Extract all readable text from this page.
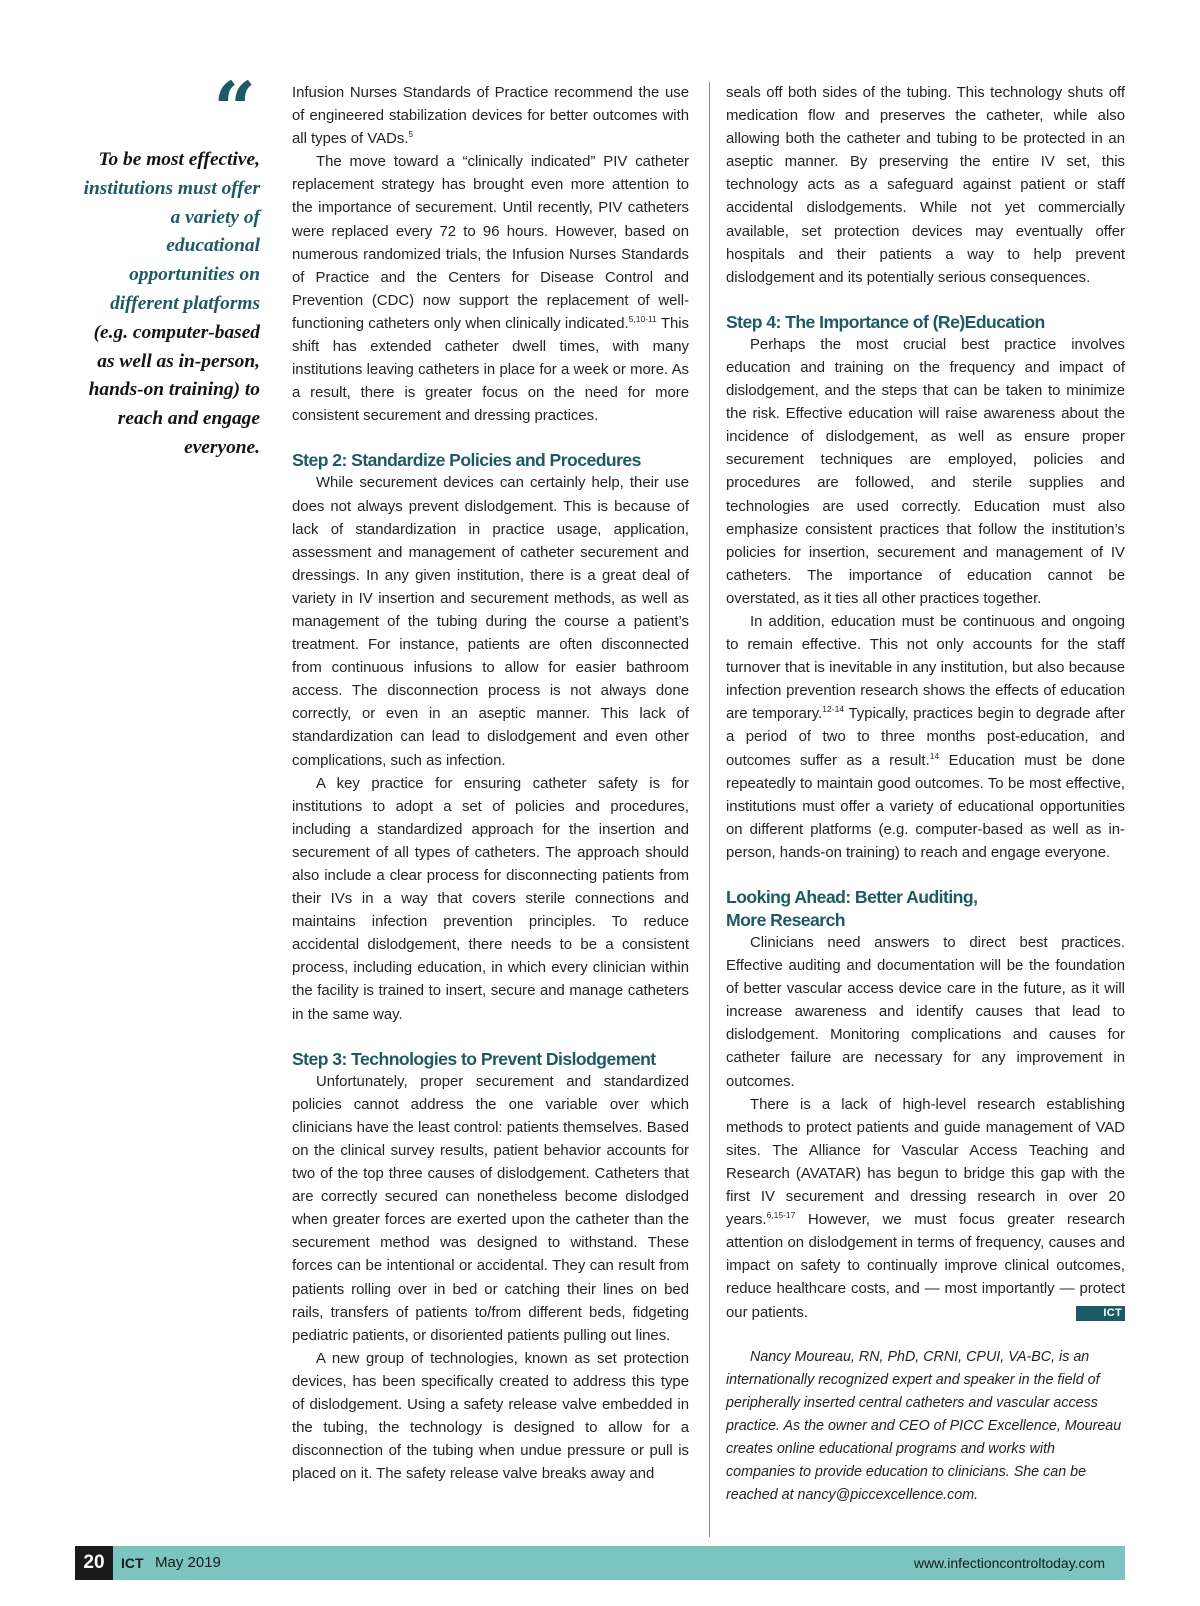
“
To be most effective, institutions must offer a variety of educational opportunities on different platforms (e.g. computer-based as well as in-person, hands-on training) to reach and engage everyone.

Infusion Nurses Standards of Practice recommend the use of engineered stabilization devices for better outcomes with all types of VADs.$^5$

The move toward a “clinically indicated” PIV catheter replacement strategy has brought even more attention to the importance of securement. Until recently, PIV catheters were replaced every 72 to 96 hours. However, based on numerous randomized trials, the Infusion Nurses Standards of Practice and the Centers for Disease Control and Prevention (CDC) now support the replacement of well-functioning catheters only when clinically indicated.$^{5,10-11}$ This shift has extended catheter dwell times, with many institutions leaving catheters in place for a week or more. As a result, there is greater focus on the need for more consistent securement and dressing practices.

Step 2: Standardize Policies and Procedures

While securement devices can certainly help, their use does not always prevent dislodgement. This is because of lack of standardization in practice usage, application, assessment and management of catheter securement and dressings. In any given institution, there is a great deal of variety in IV insertion and securement methods, as well as management of the tubing during the course a patient’s treatment. For instance, patients are often disconnected from continuous infusions to allow for easier bathroom access. The disconnection process is not always done correctly, or even in an aseptic manner. This lack of standardization can lead to dislodgement and even other complications, such as infection.

A key practice for ensuring catheter safety is for institutions to adopt a set of policies and procedures, including a standardized approach for the insertion and securement of all types of catheters. The approach should also include a clear process for disconnecting patients from their IVs in a way that covers sterile connections and maintains infection prevention principles. To reduce accidental dislodgement, there needs to be a consistent process, including education, in which every clinician within the facility is trained to insert, secure and manage catheters in the same way.

Step 3: Technologies to Prevent Dislodgement

Unfortunately, proper securement and standardized policies cannot address the one variable over which clinicians have the least control: patients themselves. Based on the clinical survey results, patient behavior accounts for two of the top three causes of dislodgement. Catheters that are correctly secured can nonetheless become dislodged when greater forces are exerted upon the catheter than the securement method was designed to withstand. These forces can be intentional or accidental. They can result from patients rolling over in bed or catching their lines on bed rails, transfers of patients to/from different beds, fidgeting pediatric patients, or disoriented patients pulling out lines.

A new group of technologies, known as set protection devices, has been specifically created to address this type of dislodgement. Using a safety release valve embedded in the tubing, the technology is designed to allow for a disconnection of the tubing when undue pressure or pull is placed on it. The safety release valve breaks away and

seals off both sides of the tubing. This technology shuts off medication flow and preserves the catheter, while also allowing both the catheter and tubing to be protected in an aseptic manner. By preserving the entire IV set, this technology acts as a safeguard against patient or staff accidental dislodgements. While not yet commercially available, set protection devices may eventually offer hospitals and their patients a way to help prevent dislodgement and its potentially serious consequences.

Step 4: The Importance of (Re)Education

Perhaps the most crucial best practice involves education and training on the frequency and impact of dislodgement, and the steps that can be taken to minimize the risk. Effective education will raise awareness about the incidence of dislodgement, as well as ensure proper securement techniques are employed, policies and procedures are followed, and sterile supplies and technologies are used correctly. Education must also emphasize consistent practices that follow the institution’s policies for insertion, securement and management of IV catheters. The importance of education cannot be overstated, as it ties all other practices together.

In addition, education must be continuous and ongoing to remain effective. This not only accounts for the staff turnover that is inevitable in any institution, but also because infection prevention research shows the effects of education are temporary.$^{12-14}$ Typically, practices begin to degrade after a period of two to three months post-education, and outcomes suffer as a result.$^{14}$ Education must be done repeatedly to maintain good outcomes. To be most effective, institutions must offer a variety of educational opportunities on different platforms (e.g. computer-based as well as in-person, hands-on training) to reach and engage everyone.

Looking Ahead: Better Auditing,
More Research

Clinicians need answers to direct best practices. Effective auditing and documentation will be the foundation of better vascular access device care in the future, as it will increase awareness and identify causes that lead to dislodgement. Monitoring complications and causes for catheter failure are necessary for any improvement in outcomes.

There is a lack of high-level research establishing methods to protect patients and guide management of VAD sites. The Alliance for Vascular Access Teaching and Research (AVATAR) has begun to bridge this gap with the first IV securement and dressing research in over 20 years.$^{6,15-17}$ However, we must focus greater research attention on dislodgement in terms of frequency, causes and impact on safety to continually improve clinical outcomes, reduce healthcare costs, and — most importantly — protect our patients.	ICT

Nancy Moureau, RN, PhD, CRNI, CPUI, VA-BC, is an internationally recognized expert and speaker in the field of peripherally inserted central catheters and vascular access practice. As the owner and CEO of PICC Excellence, Moureau creates online educational programs and works with companies to provide education to clinicians. She can be reached at nancy@piccexcellence.com.

20	ICT May 2019	www.infectioncontroltoday.com
